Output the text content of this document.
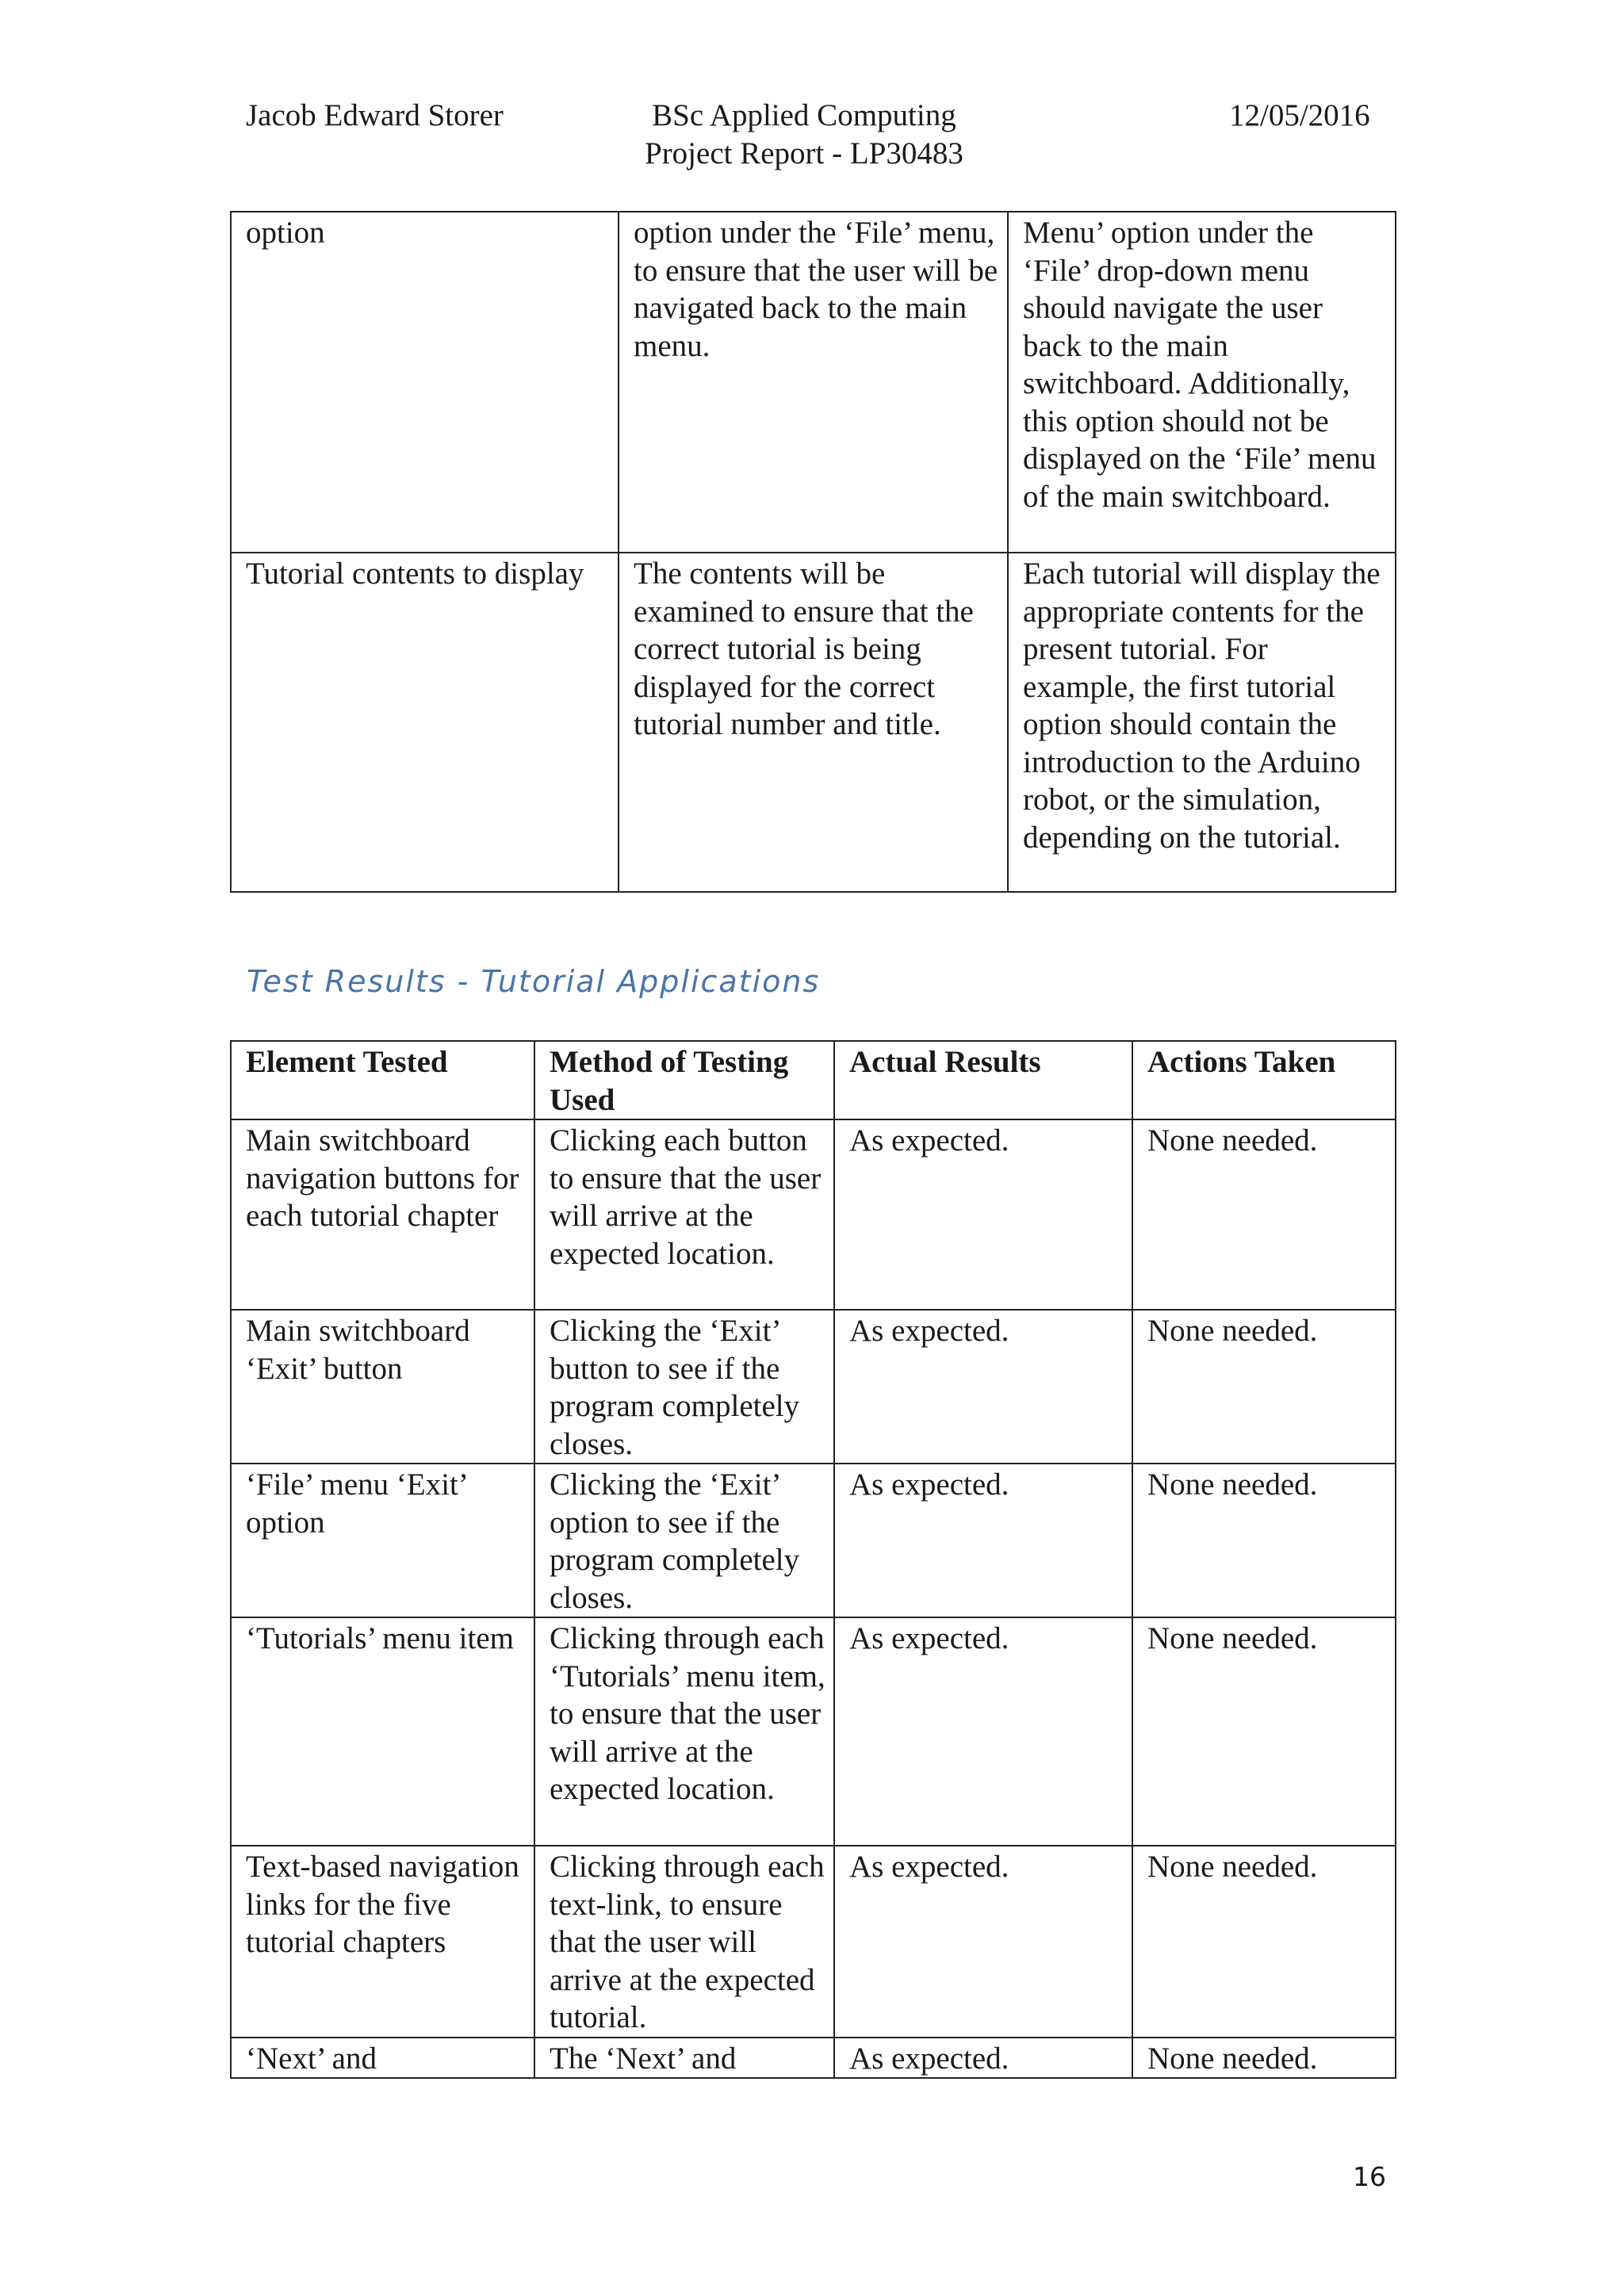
Jacob Edward Storer	BSc Applied Computing
Project Report - LP30483
12/05/2016
option	option under the ‘File’ menu, to ensure that the user will be navigated back to the main menu.	Menu’ option under the ‘File’ drop-down menu should navigate the user back to the main switchboard. Additionally, this option should not be displayed on the ‘File’ menu of the main switchboard.
Tutorial contents to display	The contents will be examined to ensure that the correct tutorial is being displayed for the correct tutorial number and title.	Each tutorial will display the appropriate contents for the present tutorial. For example, the first tutorial option should contain the introduction to the Arduino robot, or the simulation, depending on the tutorial.
Test Results - Tutorial Applications
Element Tested	Method of Testing Used	Actual Results	Actions Taken
Main switchboard navigation buttons for each tutorial chapter	Clicking each button to ensure that the user will arrive at the expected location.	As expected.	None needed.
Main switchboard ‘Exit’ button	Clicking the ‘Exit’ button to see if the program completely closes.	As expected.	None needed.
‘File’ menu ‘Exit’ option	Clicking the ‘Exit’ option to see if the program completely closes.	As expected.	None needed.
‘Tutorials’ menu item	Clicking through each ‘Tutorials’ menu item, to ensure that the user will arrive at the expected location.	As expected.	None needed.
Text-based navigation links for the five tutorial chapters	Clicking through each text-link, to ensure that the user will arrive at the expected tutorial.	As expected.	None needed.
‘Next’ and	The ‘Next’ and	As expected.	None needed.
16
